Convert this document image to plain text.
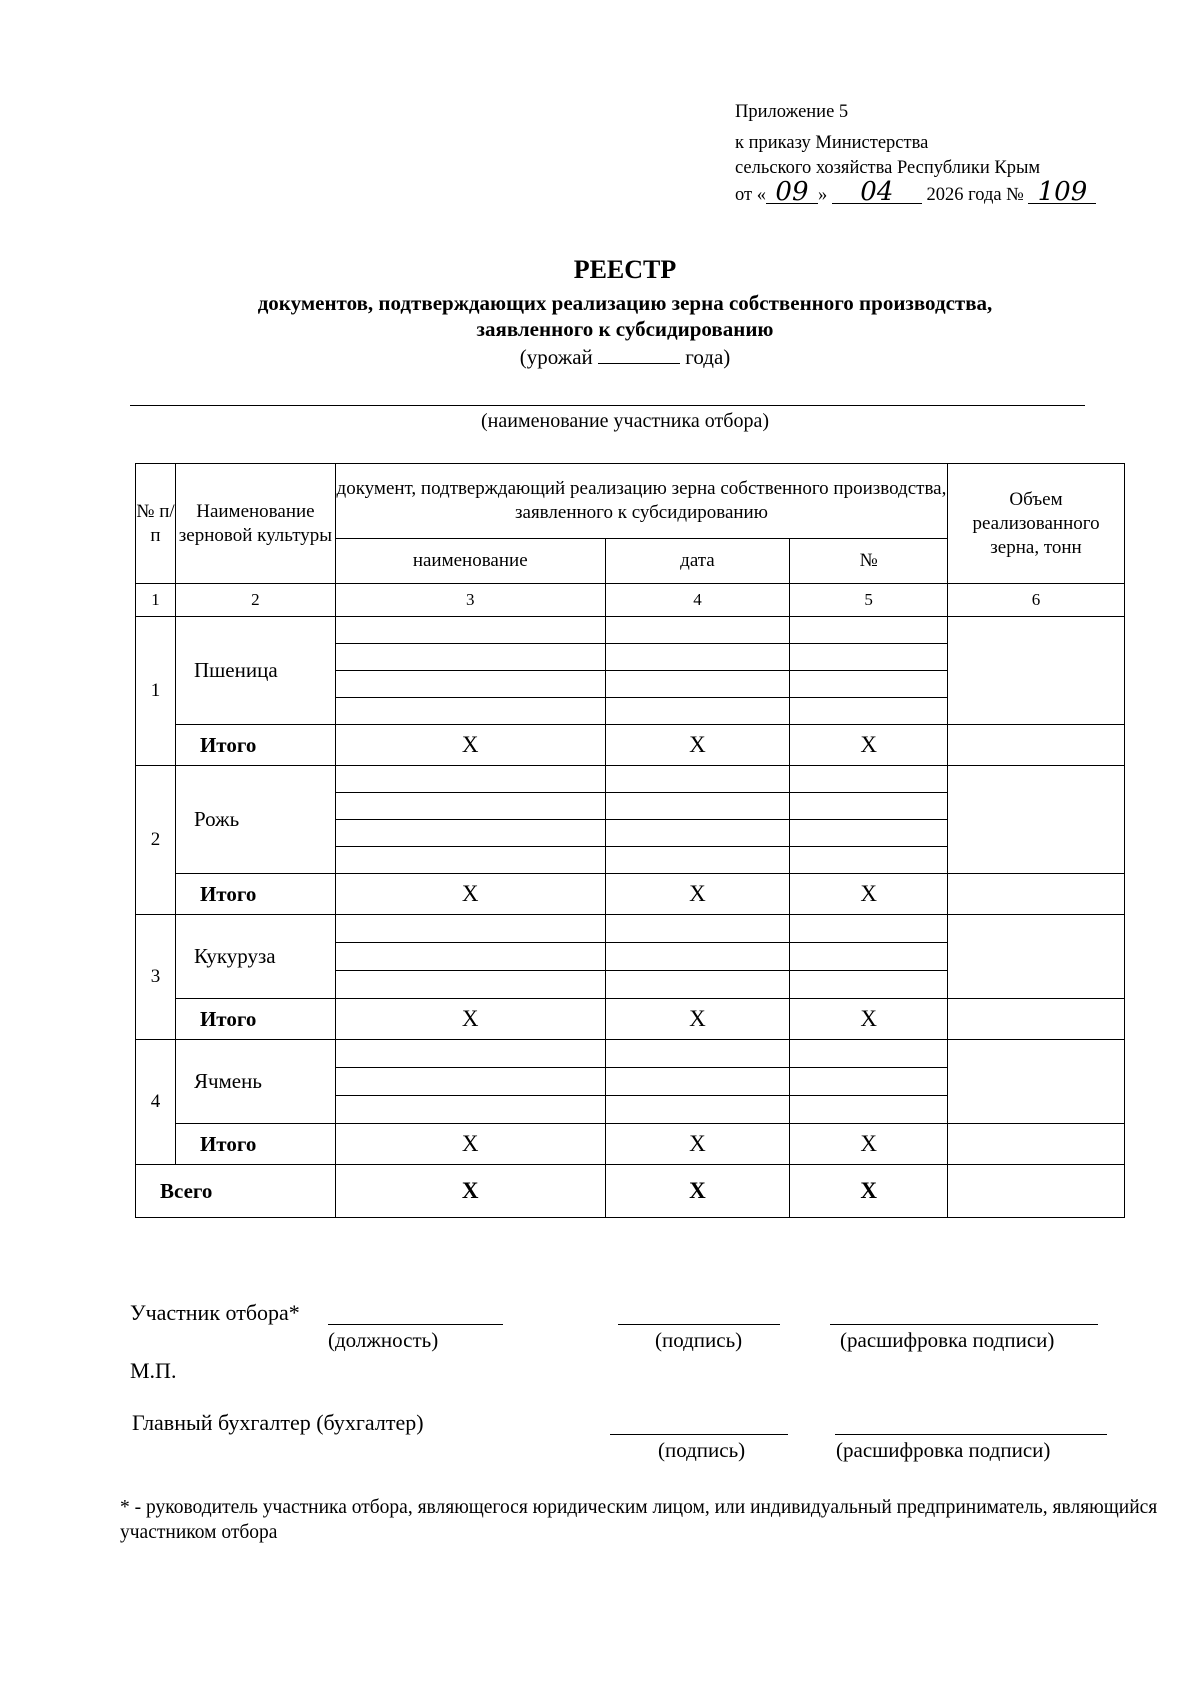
Приложение 5
к приказу Министерства
сельского хозяйства Республики Крым
от « 09 » 04 2026 года № 109
РЕЕСТР
документов, подтверждающих реализацию зерна собственного производства,
заявленного к субсидированию
(урожай	года)
(наименование участника отбора)
№ п/п	Наименование зерновой культуры	документ, подтверждающий реализацию зерна собственного производства, заявленного к субсидированию			Объем реализованного зерна, тонн
		наименование	дата	№	
1	2	3	4	5	6
1	Пшеница				

	Итого	X	X	X	
2	Рожь				

	Итого	X	X	X	
3	Кукуруза				

	Итого	X	X	X	
4	Ячмень				

	Итого	X	X	X	
Всего		X	X	X	
Участник отбора*
(должность)	(подпись)	(расшифровка подписи)
М.П.
Главный бухгалтер (бухгалтер)
(подпись)	(расшифровка подписи)
* - руководитель участника отбора, являющегося юридическим лицом, или индивидуальный предприниматель, являющийся участником отбора
